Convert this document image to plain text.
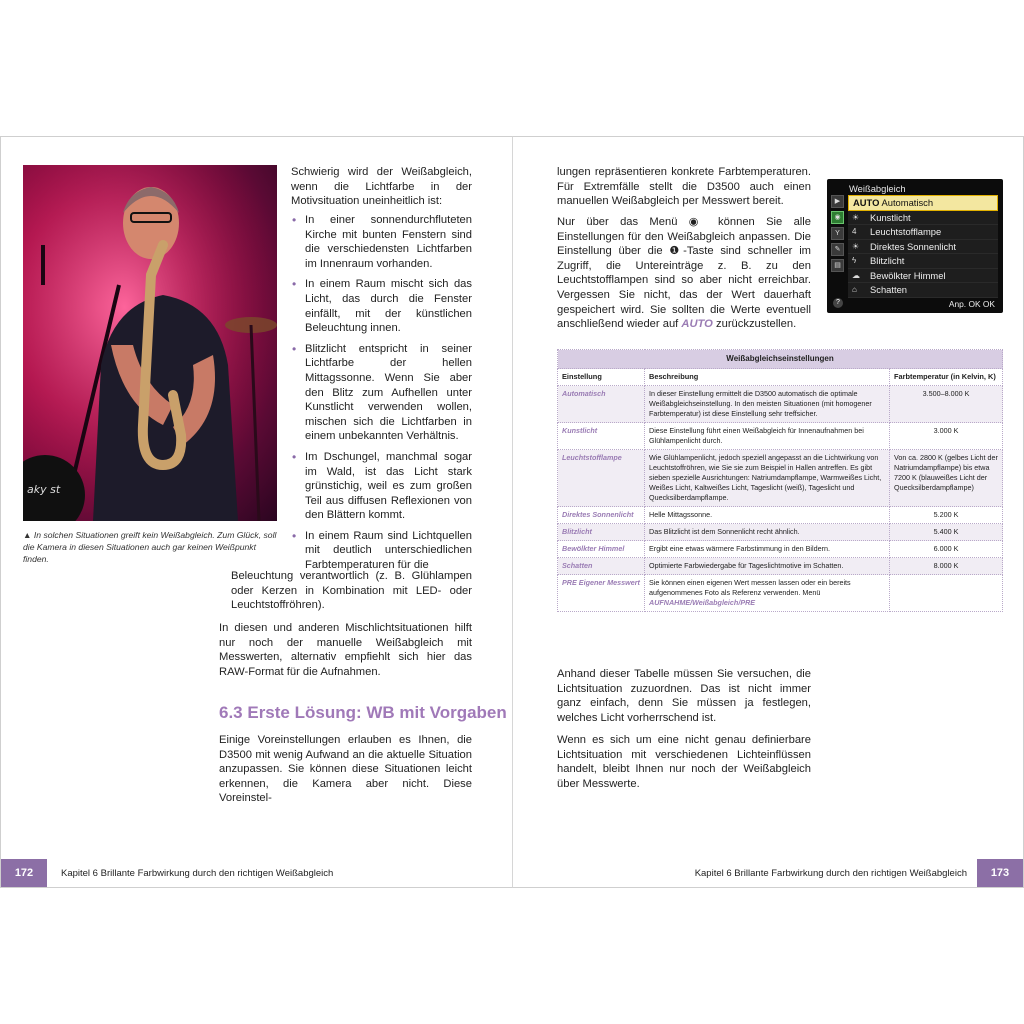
aky st
▲ In solchen Situationen greift kein Weißabgleich. Zum Glück, soll die Kamera in diesen Situationen auch gar keinen Weißpunkt finden.
Schwierig wird der Weißabgleich, wenn die Lichtfarbe in der Motivsituation uneinheitlich ist:
• In einer sonnendurchfluteten Kirche mit bunten Fenstern sind die verschiedensten Lichtfarben im Innenraum vorhanden.
• In einem Raum mischt sich das Licht, das durch die Fenster einfällt, mit der künstlichen Beleuchtung innen.
• Blitzlicht entspricht in seiner Lichtfarbe der hellen Mittagssonne. Wenn Sie aber den Blitz zum Aufhellen unter Kunstlicht verwenden wollen, mischen sich die Lichtfarben in einem unbekannten Verhältnis.
• Im Dschungel, manchmal sogar im Wald, ist das Licht stark grünstichig, weil es zum großen Teil aus diffusen Reflexionen von den Blättern kommt.
• In einem Raum sind Lichtquellen mit deutlich unterschiedlichen Farbtemperaturen für die
Beleuchtung verantwortlich (z. B. Glühlampen oder Kerzen in Kombination mit LED- oder Leuchtstoffröhren).
In diesen und anderen Mischlichtsituationen hilft nur noch der manuelle Weißabgleich mit Messwerten, alternativ empfiehlt sich hier das RAW-Format für die Aufnahmen.
6.3 Erste Lösung: WB mit Vorgaben
Einige Voreinstellungen erlauben es Ihnen, die D3500 mit wenig Aufwand an die aktuelle Situation anzupassen. Sie können diese Situationen leicht erkennen, die Kamera aber nicht. Diese Voreinstel-
172	Kapitel 6 Brillante Farbwirkung durch den richtigen Weißabgleich
lungen repräsentieren konkrete Farbtemperaturen. Für Extremfälle stellt die D3500 auch einen manuellen Weißabgleich per Messwert bereit.
Nur über das Menü ◉ können Sie alle Einstellungen für den Weißabgleich anpassen. Die Einstellung über die ❶-Taste sind schneller im Zugriff, die Untereinträge z. B. zu den Leuchtstofflampen sind so aber nicht erreichbar. Vergessen Sie nicht, das der Wert dauerhaft gespeichert wird. Sie sollten die Werte eventuell anschließend wieder auf AUTO zurückzustellen.
Weißabgleich
▶
◉
Y
✎
▤
AUTO Automatisch
☀ Kunstlicht
4 Leuchtstofflampe
☀ Direktes Sonnenlicht
ϟ Blitzlicht
☁ Bewölkter Himmel
⌂ Schatten
?	Anp. OK OK
Weißabgleichseinstellungen		
Einstellung	Beschreibung	Farbtemperatur (in Kelvin, K)
Automatisch	In dieser Einstellung ermittelt die D3500 automatisch die optimale Weißabgleichseinstellung. In den meisten Situationen (mit homogener Farbtemperatur) ist diese Einstellung sehr treffsicher.	3.500–8.000 K
Kunstlicht	Diese Einstellung führt einen Weißabgleich für Innenaufnahmen bei Glühlampenlicht durch.	3.000 K
Leuchtstofflampe	Wie Glühlampenlicht, jedoch speziell angepasst an die Lichtwirkung von Leuchtstoffröhren, wie Sie sie zum Beispiel in Hallen antreffen. Es gibt sieben spezielle Ausrichtungen: Natriumdampflampe, Warmweißes Licht, Weißes Licht, Kaltweißes Licht, Tageslicht (weiß), Tageslicht und Quecksilberdampflampe.	Von ca. 2800 K (gelbes Licht der Natriumdampflampe) bis etwa 7200 K (blauweißes Licht der Quecksilberdampflampe)
Direktes Sonnenlicht	Helle Mittagssonne.	5.200 K
Blitzlicht	Das Blitzlicht ist dem Sonnenlicht recht ähnlich.	5.400 K
Bewölkter Himmel	Ergibt eine etwas wärmere Farbstimmung in den Bildern.	6.000 K
Schatten	Optimierte Farbwiedergabe für Tageslichtmotive im Schatten.	8.000 K
PRE Eigener Messwert	Sie können einen eigenen Wert messen lassen oder ein bereits aufgenommenes Foto als Referenz verwenden. Menü AUFNAHME/Weißabgleich/PRE	
Anhand dieser Tabelle müssen Sie versuchen, die Lichtsituation zuzuordnen. Das ist nicht immer ganz einfach, denn Sie müssen ja festlegen, welches Licht vorherrschend ist.
Wenn es sich um eine nicht genau definierbare Lichtsituation mit verschiedenen Lichteinflüssen handelt, bleibt Ihnen nur noch der Weißabgleich über Messwerte.
Kapitel 6 Brillante Farbwirkung durch den richtigen Weißabgleich	173
